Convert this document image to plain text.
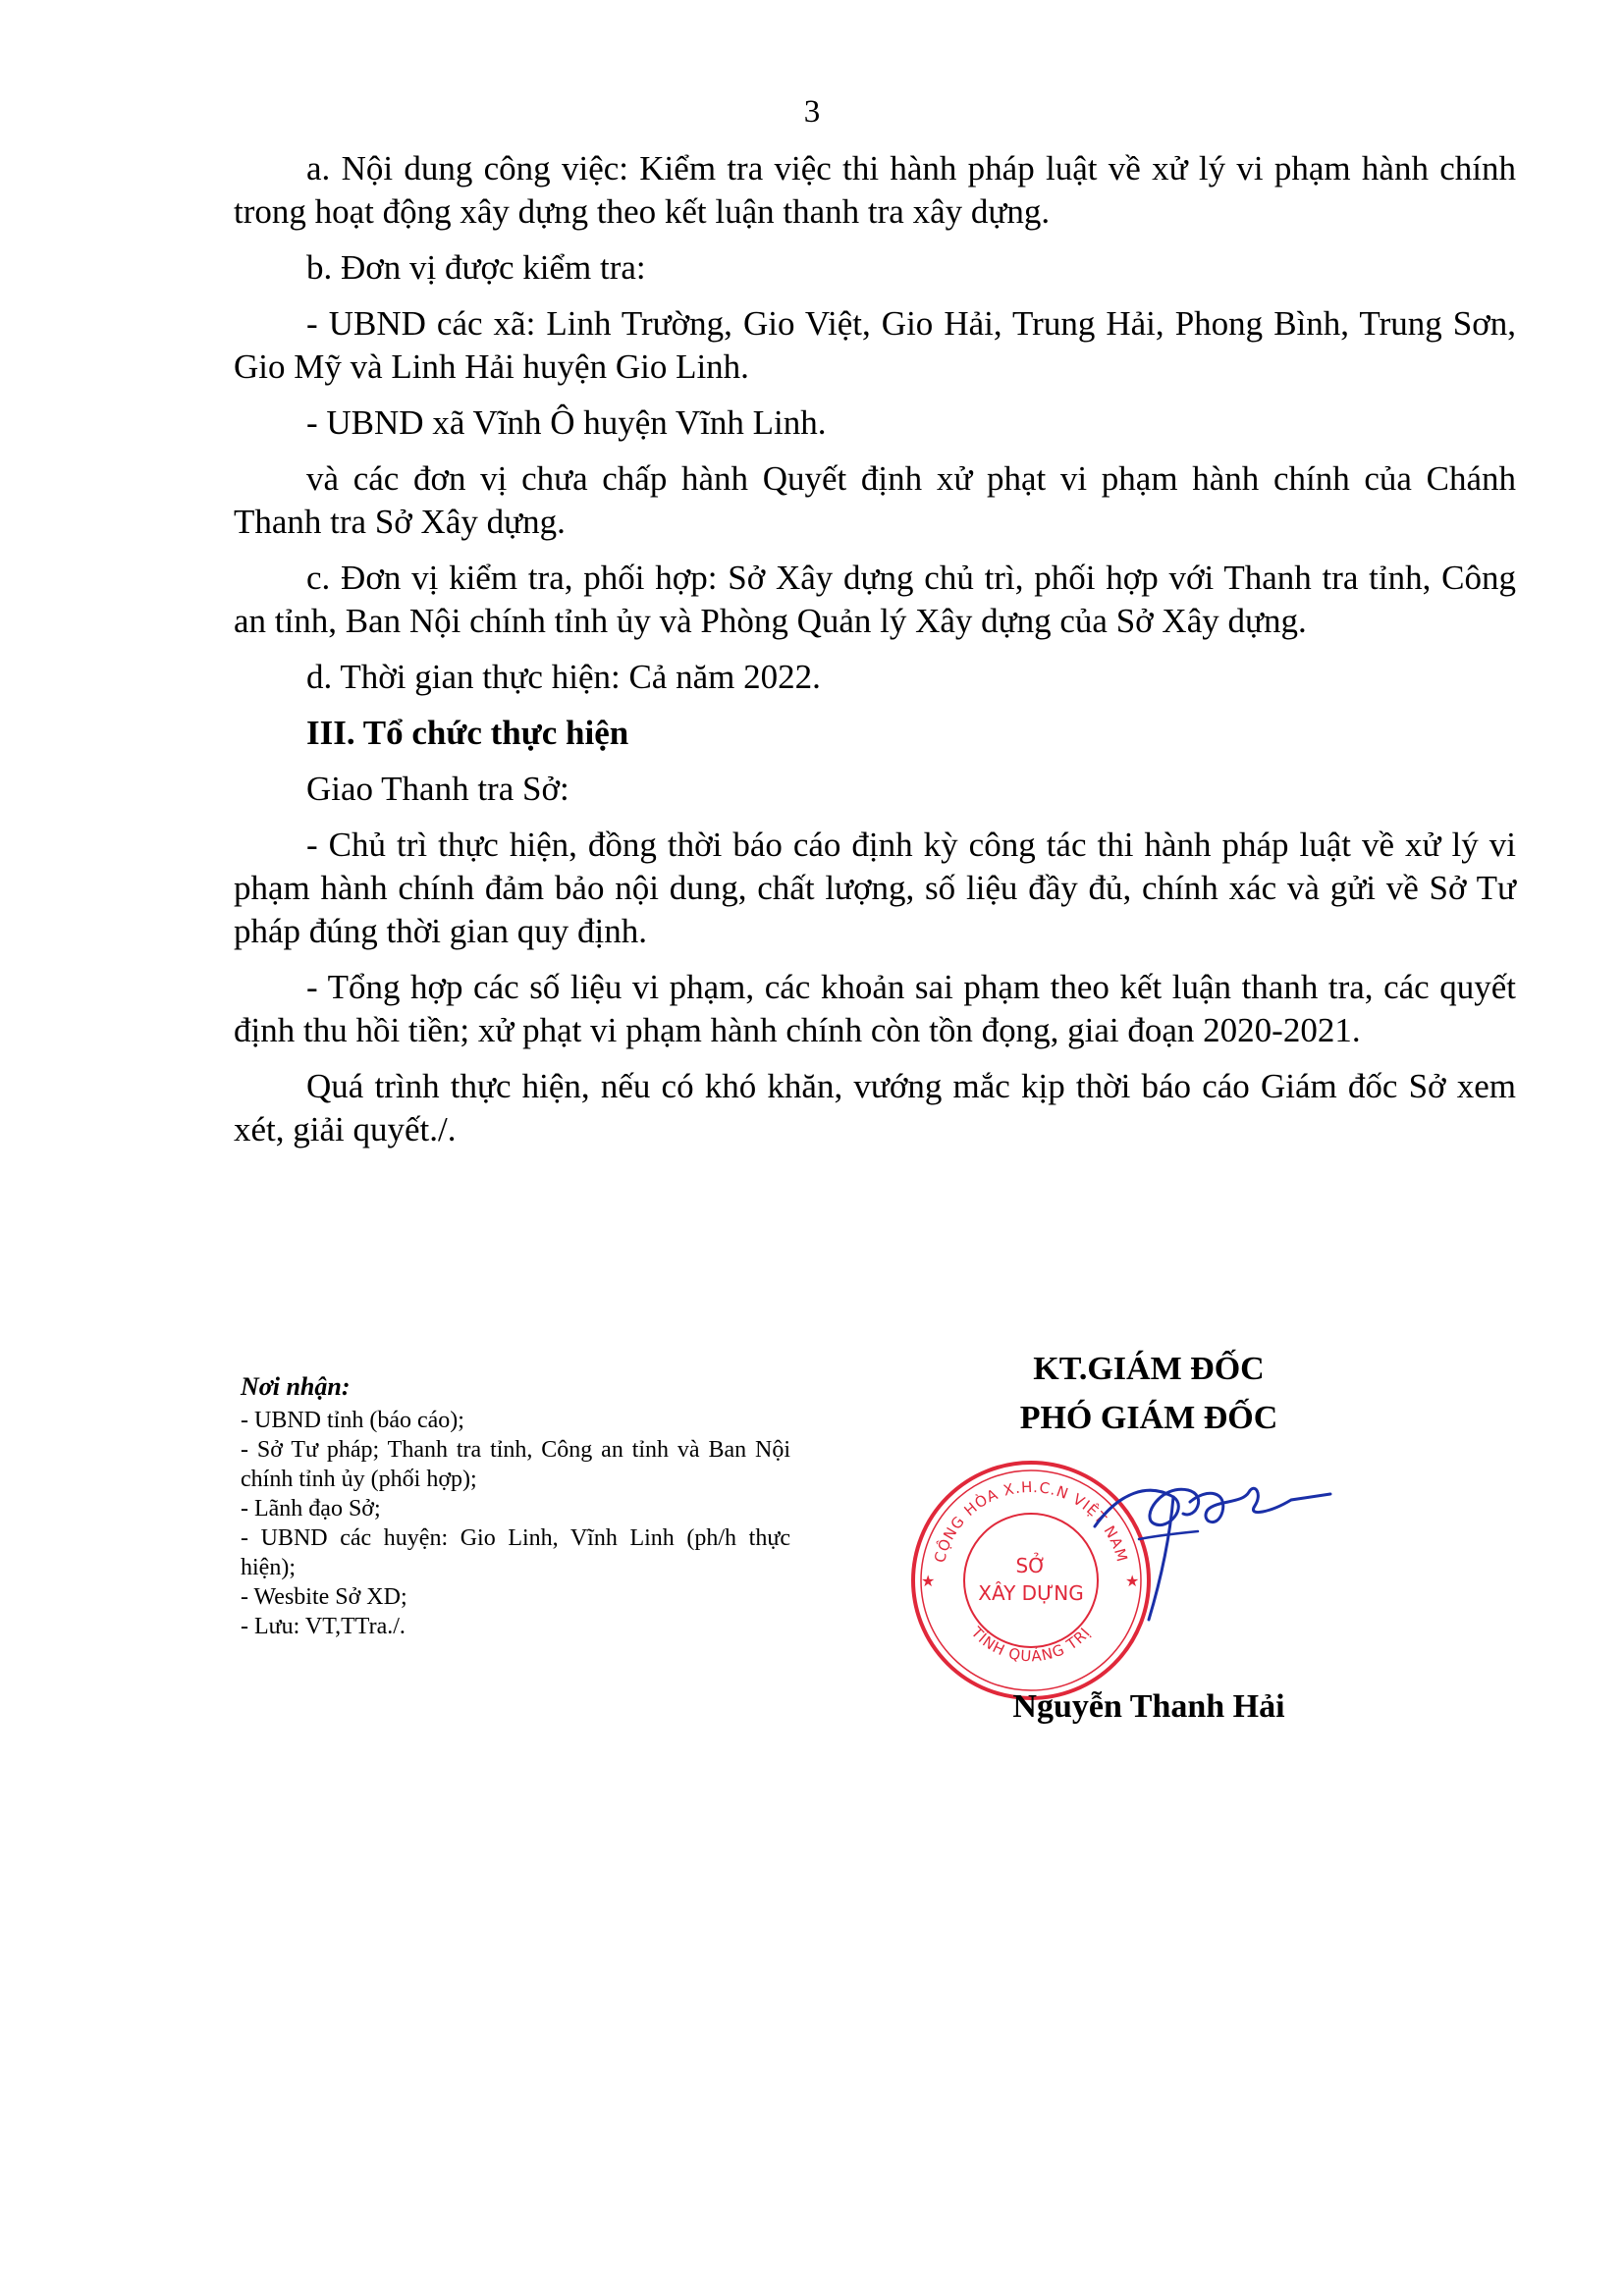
3

a. Nội dung công việc: Kiểm tra việc thi hành pháp luật về xử lý vi phạm hành chính trong hoạt động xây dựng theo kết luận thanh tra xây dựng.

b. Đơn vị được kiểm tra:

- UBND các xã: Linh Trường, Gio Việt, Gio Hải, Trung Hải, Phong Bình, Trung Sơn, Gio Mỹ và Linh Hải huyện Gio Linh.

- UBND xã Vĩnh Ô huyện Vĩnh Linh.

và các đơn vị chưa chấp hành Quyết định xử phạt vi phạm hành chính của Chánh Thanh tra Sở Xây dựng.

c. Đơn vị kiểm tra, phối hợp: Sở Xây dựng chủ trì, phối hợp với Thanh tra tỉnh, Công an tỉnh, Ban Nội chính tỉnh ủy và Phòng Quản lý Xây dựng của Sở Xây dựng.

d. Thời gian thực hiện: Cả năm 2022.

III. Tổ chức thực hiện

Giao Thanh tra Sở:

- Chủ trì thực hiện, đồng thời báo cáo định kỳ công tác thi hành pháp luật về xử lý vi phạm hành chính đảm bảo nội dung, chất lượng, số liệu đầy đủ, chính xác và gửi về Sở Tư pháp đúng thời gian quy định.

- Tổng hợp các số liệu vi phạm, các khoản sai phạm theo kết luận thanh tra, các quyết định thu hồi tiền; xử phạt vi phạm hành chính còn tồn đọng, giai đoạn 2020-2021.

Quá trình thực hiện, nếu có khó khăn, vướng mắc kịp thời báo cáo Giám đốc Sở xem xét, giải quyết./.

Nơi nhận:
- UBND tỉnh (báo cáo);
- Sở Tư pháp; Thanh tra tỉnh, Công an tỉnh và Ban Nội chính tỉnh ủy (phối hợp);
- Lãnh đạo Sở;
- UBND các huyện: Gio Linh, Vĩnh Linh (ph/h thực hiện);
- Wesbite Sở XD;
- Lưu: VT,TTra./.
KT.GIÁM ĐỐC
PHÓ GIÁM ĐỐC
CỘNG HÒA X.H.C.N VIỆT NAM
TỈNH QUẢNG TRỊ
SỞ
XÂY DỰNG
★	★
Nguyễn Thanh Hải
